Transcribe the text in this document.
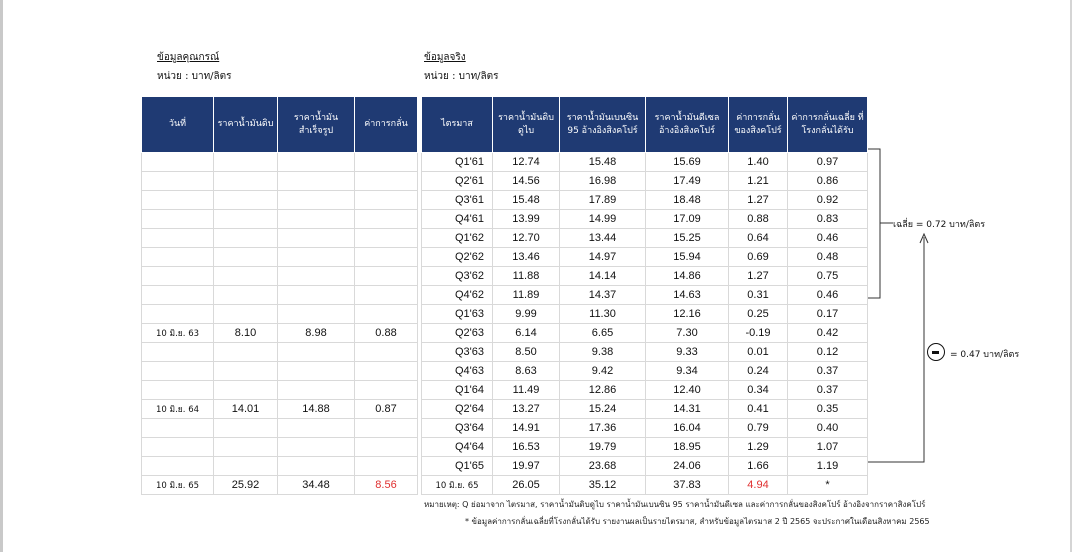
ข้อมูลคุณกรณ์
หน่วย : บาท/ลิตร
ข้อมูลจริง
หน่วย : บาท/ลิตร
วันที่	ราคาน้ำมันดิบ	ราคาน้ำมัน สำเร็จรูป	ค่าการกลั่น

10 มิ.ย. 63	8.10	8.98	0.88

10 มิ.ย. 64	14.01	14.88	0.87

10 มิ.ย. 65	25.92	34.48	8.56
ไตรมาส	ราคาน้ำมันดิบ ดูไบ	ราคาน้ำมันเบนซิน 95 อ้างอิงสิงคโปร์	ราคาน้ำมันดีเซล อ้างอิงสิงคโปร์	ค่าการกลั่น ของสิงคโปร์	ค่าการกลั่นเฉลี่ย ที่โรงกลั่นได้รับ
Q1'61	12.74	15.48	15.69	1.40	0.97
Q2'61	14.56	16.98	17.49	1.21	0.86
Q3'61	15.48	17.89	18.48	1.27	0.92
Q4'61	13.99	14.99	17.09	0.88	0.83
Q1'62	12.70	13.44	15.25	0.64	0.46
Q2'62	13.46	14.97	15.94	0.69	0.48
Q3'62	11.88	14.14	14.86	1.27	0.75
Q4'62	11.89	14.37	14.63	0.31	0.46
Q1'63	9.99	11.30	12.16	0.25	0.17
Q2'63	6.14	6.65	7.30	-0.19	0.42
Q3'63	8.50	9.38	9.33	0.01	0.12
Q4'63	8.63	9.42	9.34	0.24	0.37
Q1'64	11.49	12.86	12.40	0.34	0.37
Q2'64	13.27	15.24	14.31	0.41	0.35
Q3'64	14.91	17.36	16.04	0.79	0.40
Q4'64	16.53	19.79	18.95	1.29	1.07
Q1'65	19.97	23.68	24.06	1.66	1.19
10 มิ.ย. 65	26.05	35.12	37.83	4.94	*
เฉลี่ย = 0.72 บาท/ลิตร
= 0.47 บาท/ลิตร
หมายเหตุ: Q ย่อมาจาก ไตรมาส, ราคาน้ำมันดิบดูไบ ราคาน้ำมันเบนซิน 95 ราคาน้ำมันดีเซล และค่าการกลั่นของสิงคโปร์ อ้างอิงจากราคาสิงคโปร์
* ข้อมูลค่าการกลั่นเฉลี่ยที่โรงกลั่นได้รับ รายงานผลเป็นรายไตรมาส, สำหรับข้อมูลไตรมาส 2 ปี 2565 จะประกาศในเดือนสิงหาคม 2565
